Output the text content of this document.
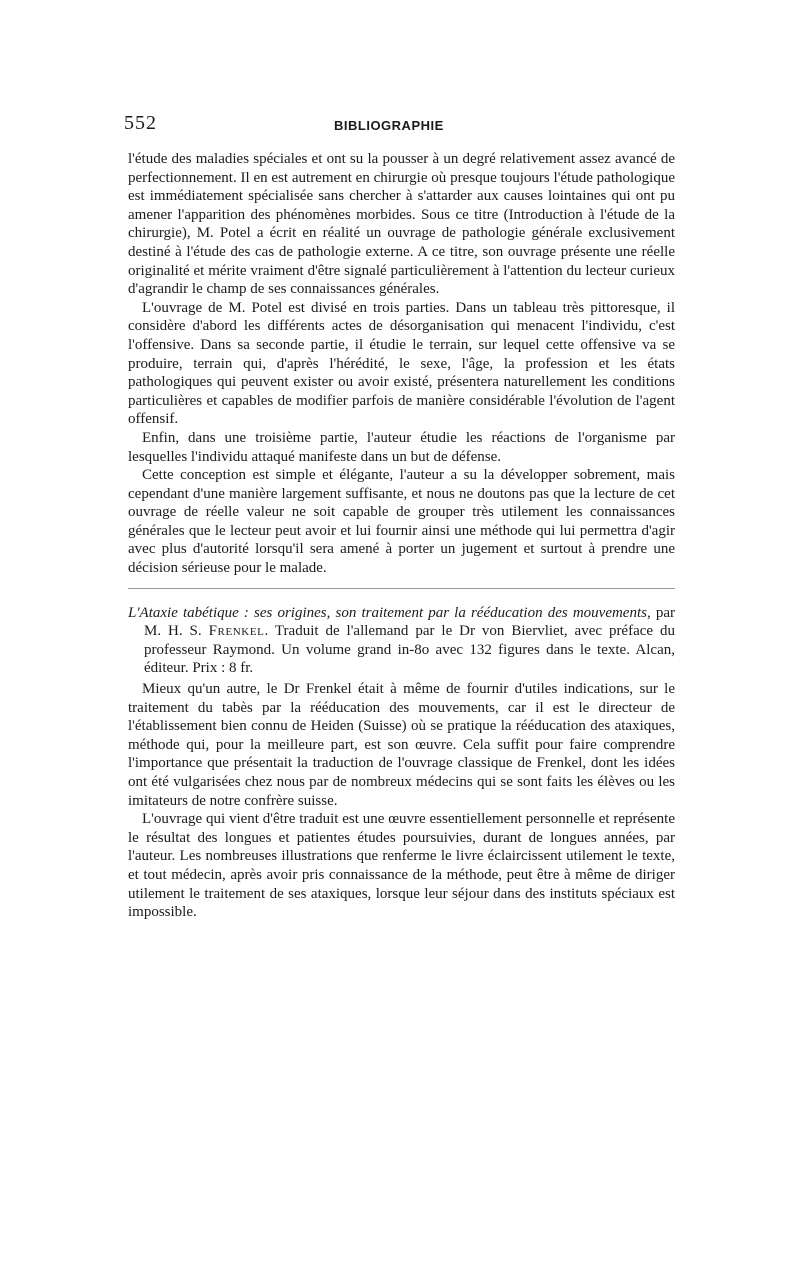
552	BIBLIOGRAPHIE

l'étude des maladies spéciales et ont su la pousser à un degré relativement assez avancé de perfectionnement. Il en est autrement en chirurgie où presque toujours l'étude pathologique est immédiatement spécialisée sans chercher à s'attarder aux causes lointaines qui ont pu amener l'apparition des phénomènes morbides. Sous ce titre (Introduction à l'étude de la chirurgie), M. Potel a écrit en réalité un ouvrage de pathologie générale exclusivement destiné à l'étude des cas de pathologie externe. A ce titre, son ouvrage présente une réelle originalité et mérite vraiment d'être signalé particulièrement à l'attention du lecteur curieux d'agrandir le champ de ses connaissances générales.

L'ouvrage de M. Potel est divisé en trois parties. Dans un tableau très pittoresque, il considère d'abord les différents actes de désorganisation qui menacent l'individu, c'est l'offensive. Dans sa seconde partie, il étudie le terrain, sur lequel cette offensive va se produire, terrain qui, d'après l'hérédité, le sexe, l'âge, la profession et les états pathologiques qui peuvent exister ou avoir existé, présentera naturellement les conditions particulières et capables de modifier parfois de manière considérable l'évolution de l'agent offensif.

Enfin, dans une troisième partie, l'auteur étudie les réactions de l'organisme par lesquelles l'individu attaqué manifeste dans un but de défense.

Cette conception est simple et élégante, l'auteur a su la développer sobrement, mais cependant d'une manière largement suffisante, et nous ne doutons pas que la lecture de cet ouvrage de réelle valeur ne soit capable de grouper très utilement les connaissances générales que le lecteur peut avoir et lui fournir ainsi une méthode qui lui permettra d'agir avec plus d'autorité lorsqu'il sera amené à porter un jugement et surtout à prendre une décision sérieuse pour le malade.

L'Ataxie tabétique : ses origines, son traitement par la rééducation des mouvements, par M. H. S. Frenkel. Traduit de l'allemand par le Dr von Biervliet, avec préface du professeur Raymond. Un volume grand in-8o avec 132 figures dans le texte. Alcan, éditeur. Prix : 8 fr.

Mieux qu'un autre, le Dr Frenkel était à même de fournir d'utiles indications, sur le traitement du tabès par la rééducation des mouvements, car il est le directeur de l'établissement bien connu de Heiden (Suisse) où se pratique la rééducation des ataxiques, méthode qui, pour la meilleure part, est son œuvre. Cela suffit pour faire comprendre l'importance que présentait la traduction de l'ouvrage classique de Frenkel, dont les idées ont été vulgarisées chez nous par de nombreux médecins qui se sont faits les élèves ou les imitateurs de notre confrère suisse.

L'ouvrage qui vient d'être traduit est une œuvre essentiellement personnelle et représente le résultat des longues et patientes études poursuivies, durant de longues années, par l'auteur. Les nombreuses illustrations que renferme le livre éclaircissent utilement le texte, et tout médecin, après avoir pris connaissance de la méthode, peut être à même de diriger utilement le traitement de ses ataxiques, lorsque leur séjour dans des instituts spéciaux est impossible.
